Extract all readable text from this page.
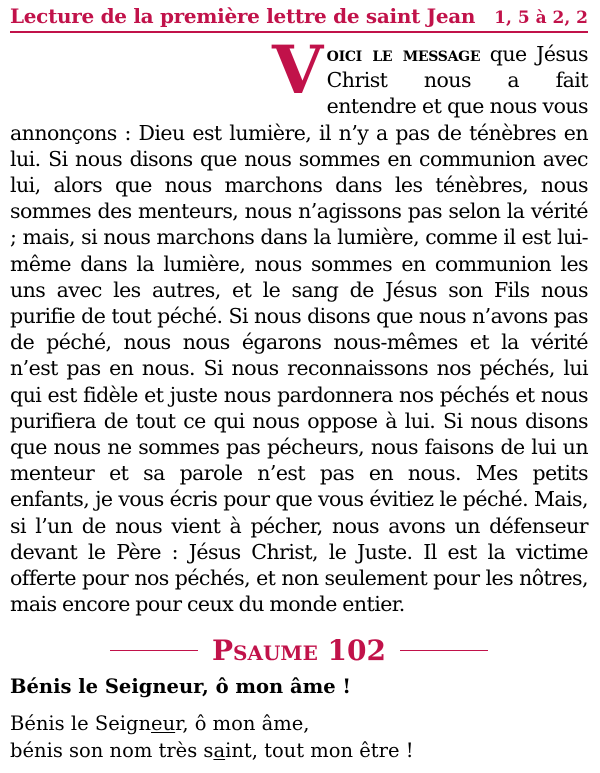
Lecture de la première lettre de saint Jean 1, 5 à 2, 2

Voici le message que Jésus Christ nous a fait entendre et que nous vous annonçons : Dieu est lumière, il n’y a pas de ténèbres en lui. Si nous disons que nous sommes en communion avec lui, alors que nous marchons dans les ténèbres, nous sommes des menteurs, nous n’agissons pas selon la vérité ; mais, si nous marchons dans la lumière, comme il est lui-même dans la lumière, nous sommes en communion les uns avec les autres, et le sang de Jésus son Fils nous purifie de tout péché. Si nous disons que nous n’avons pas de péché, nous nous égarons nous-mêmes et la vérité n’est pas en nous. Si nous reconnaissons nos péchés, lui qui est fidèle et juste nous pardonnera nos péchés et nous purifiera de tout ce qui nous oppose à lui. Si nous disons que nous ne sommes pas pécheurs, nous faisons de lui un menteur et sa parole n’est pas en nous. Mes petits enfants, je vous écris pour que vous évitiez le péché. Mais, si l’un de nous vient à pécher, nous avons un défenseur devant le Père : Jésus Christ, le Juste. Il est la victime offerte pour nos péchés, et non seulement pour les nôtres, mais encore pour ceux du monde entier.

Psaume 102
Bénis le Seigneur, ô mon âme !
Bénis le Seigneur, ô mon âme,
bénis son nom très saint, tout mon être !
